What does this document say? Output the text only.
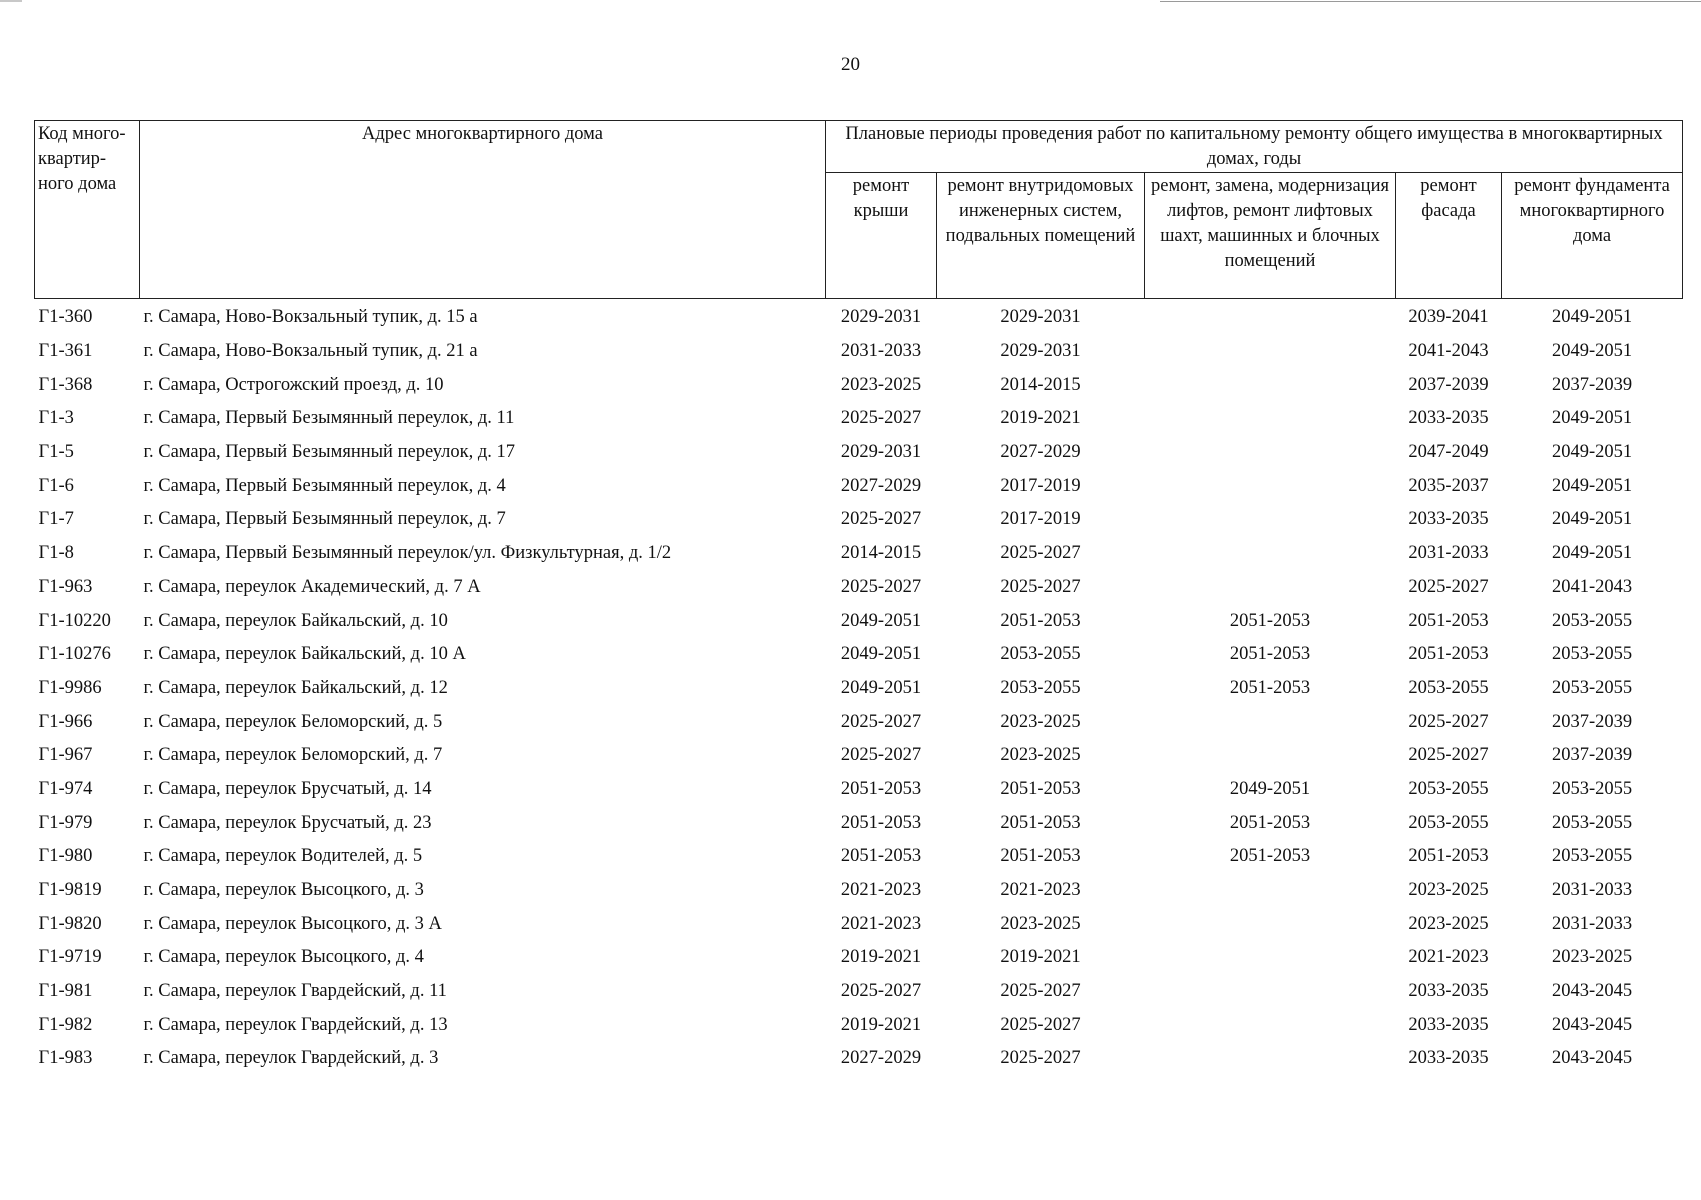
20
Код много-квартир-ного дома	Адрес многоквартирного дома	Плановые периоды проведения работ по капитальному ремонту общего имущества в многоквартирных домах, годы				
		ремонт крыши	ремонт внутридомовых инженерных систем, подвальных помещений	ремонт, замена, модернизация лифтов, ремонт лифтовых шахт, машинных и блочных помещений	ремонт фасада	ремонт фундамента многоквартирного дома
Г1-360	г. Самара, Ново-Вокзальный тупик, д. 15 а	2029-2031	2029-2031		2039-2041	2049-2051
Г1-361	г. Самара, Ново-Вокзальный тупик, д. 21 а	2031-2033	2029-2031		2041-2043	2049-2051
Г1-368	г. Самара, Острогожский проезд, д. 10	2023-2025	2014-2015		2037-2039	2037-2039
Г1-3	г. Самара, Первый Безымянный переулок, д. 11	2025-2027	2019-2021		2033-2035	2049-2051
Г1-5	г. Самара, Первый Безымянный переулок, д. 17	2029-2031	2027-2029		2047-2049	2049-2051
Г1-6	г. Самара, Первый Безымянный переулок, д. 4	2027-2029	2017-2019		2035-2037	2049-2051
Г1-7	г. Самара, Первый Безымянный переулок, д. 7	2025-2027	2017-2019		2033-2035	2049-2051
Г1-8	г. Самара, Первый Безымянный переулок/ул. Физкультурная, д. 1/2	2014-2015	2025-2027		2031-2033	2049-2051
Г1-963	г. Самара, переулок Академический, д. 7 А	2025-2027	2025-2027		2025-2027	2041-2043
Г1-10220	г. Самара, переулок Байкальский, д. 10	2049-2051	2051-2053	2051-2053	2051-2053	2053-2055
Г1-10276	г. Самара, переулок Байкальский, д. 10 А	2049-2051	2053-2055	2051-2053	2051-2053	2053-2055
Г1-9986	г. Самара, переулок Байкальский, д. 12	2049-2051	2053-2055	2051-2053	2053-2055	2053-2055
Г1-966	г. Самара, переулок Беломорский, д. 5	2025-2027	2023-2025		2025-2027	2037-2039
Г1-967	г. Самара, переулок Беломорский, д. 7	2025-2027	2023-2025		2025-2027	2037-2039
Г1-974	г. Самара, переулок Брусчатый, д. 14	2051-2053	2051-2053	2049-2051	2053-2055	2053-2055
Г1-979	г. Самара, переулок Брусчатый, д. 23	2051-2053	2051-2053	2051-2053	2053-2055	2053-2055
Г1-980	г. Самара, переулок Водителей, д. 5	2051-2053	2051-2053	2051-2053	2051-2053	2053-2055
Г1-9819	г. Самара, переулок Высоцкого, д. 3	2021-2023	2021-2023		2023-2025	2031-2033
Г1-9820	г. Самара, переулок Высоцкого, д. 3 А	2021-2023	2023-2025		2023-2025	2031-2033
Г1-9719	г. Самара, переулок Высоцкого, д. 4	2019-2021	2019-2021		2021-2023	2023-2025
Г1-981	г. Самара, переулок Гвардейский, д. 11	2025-2027	2025-2027		2033-2035	2043-2045
Г1-982	г. Самара, переулок Гвардейский, д. 13	2019-2021	2025-2027		2033-2035	2043-2045
Г1-983	г. Самара, переулок Гвардейский, д. 3	2027-2029	2025-2027		2033-2035	2043-2045
